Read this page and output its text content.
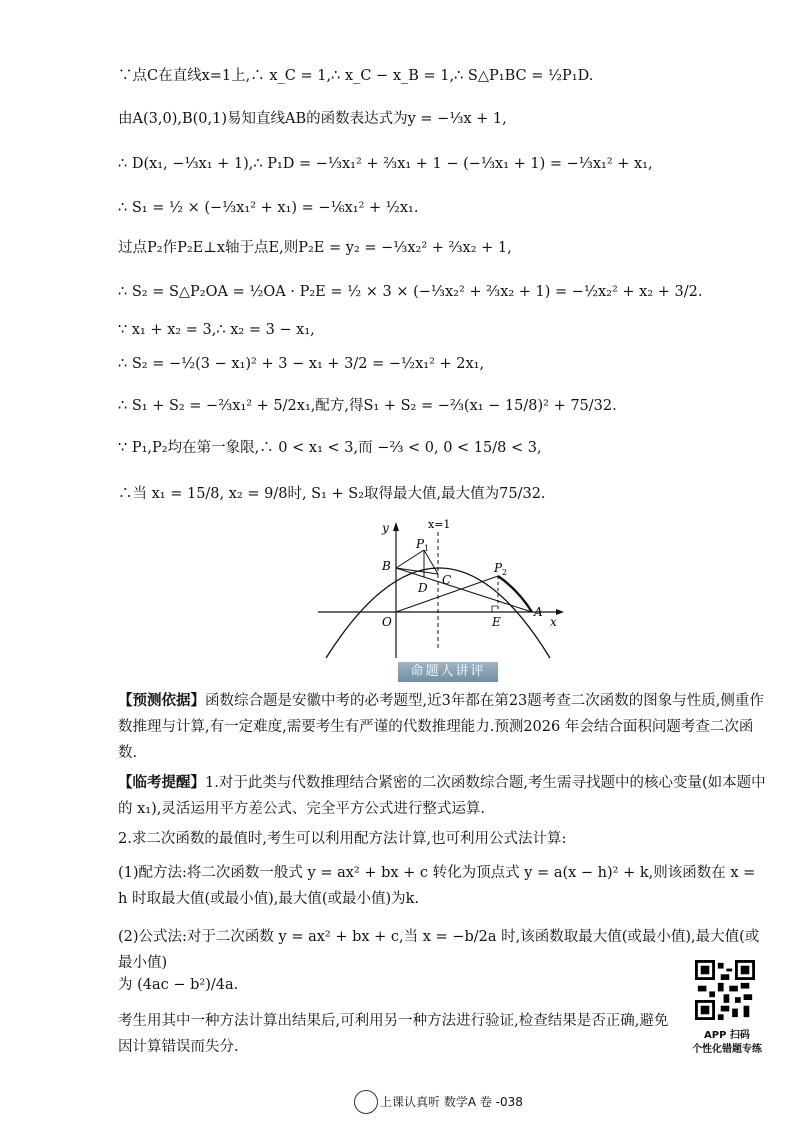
∵点C在直线x=1上,∴ x_C = 1,∴ x_C − x_B = 1,∴ S△P₁BC = ½P₁D.
由A(3,0),B(0,1)易知直线AB的函数表达式为y = −⅓x + 1,
∴ D(x₁, −⅓x₁ + 1),∴ P₁D = −⅓x₁² + ⅔x₁ + 1 − (−⅓x₁ + 1) = −⅓x₁² + x₁,
∴ S₁ = ½ × (−⅓x₁² + x₁) = −⅙x₁² + ½x₁.
过点P₂作P₂E⊥x轴于点E,则P₂E = y₂ = −⅓x₂² + ⅔x₂ + 1,
∴ S₂ = S△P₂OA = ½OA · P₂E = ½ × 3 × (−⅓x₂² + ⅔x₂ + 1) = −½x₂² + x₂ + 3/2.
∵ x₁ + x₂ = 3,∴ x₂ = 3 − x₁,
∴ S₂ = −½(3 − x₁)² + 3 − x₁ + 3/2 = −½x₁² + 2x₁,
∴ S₁ + S₂ = −⅔x₁² + 5/2x₁,配方,得S₁ + S₂ = −⅔(x₁ − 15/8)² + 75/32.
∵ P₁,P₂均在第一象限,∴ 0 < x₁ < 3,而 −⅔ < 0, 0 < 15/8 < 3,
∴当 x₁ = 15/8, x₂ = 9/8时, S₁ + S₂取得最大值,最大值为75/32.
y
x
x=1
B
P 1
C
D
P 2
A
O	E
命题人讲评
【预测依据】函数综合题是安徽中考的必考题型,近3年都在第23题考查二次函数的图象与性质,侧重作数推理与计算,有一定难度,需要考生有严谨的代数推理能力.预测2026 年会结合面积问题考查二次函数.
【临考提醒】1.对于此类与代数推理结合紧密的二次函数综合题,考生需寻找题中的核心变量(如本题中的 x₁),灵活运用平方差公式、完全平方公式进行整式运算.
2.求二次函数的最值时,考生可以利用配方法计算,也可利用公式法计算:
(1)配方法:将二次函数一般式 y = ax² + bx + c 转化为顶点式 y = a(x − h)² + k,则该函数在 x = h 时取最大值(或最小值),最大值(或最小值)为k.
(2)公式法:对于二次函数 y = ax² + bx + c,当 x = −b/2a 时,该函数取最大值(或最小值),最大值(或最小值)
为 (4ac − b²)/4a.
考生用其中一种方法计算出结果后,可利用另一种方法进行验证,检查结果是否正确,避免因计算错误而失分.
APP 扫码
个性化错题专练
上课认真听 数学A 卷 -038
